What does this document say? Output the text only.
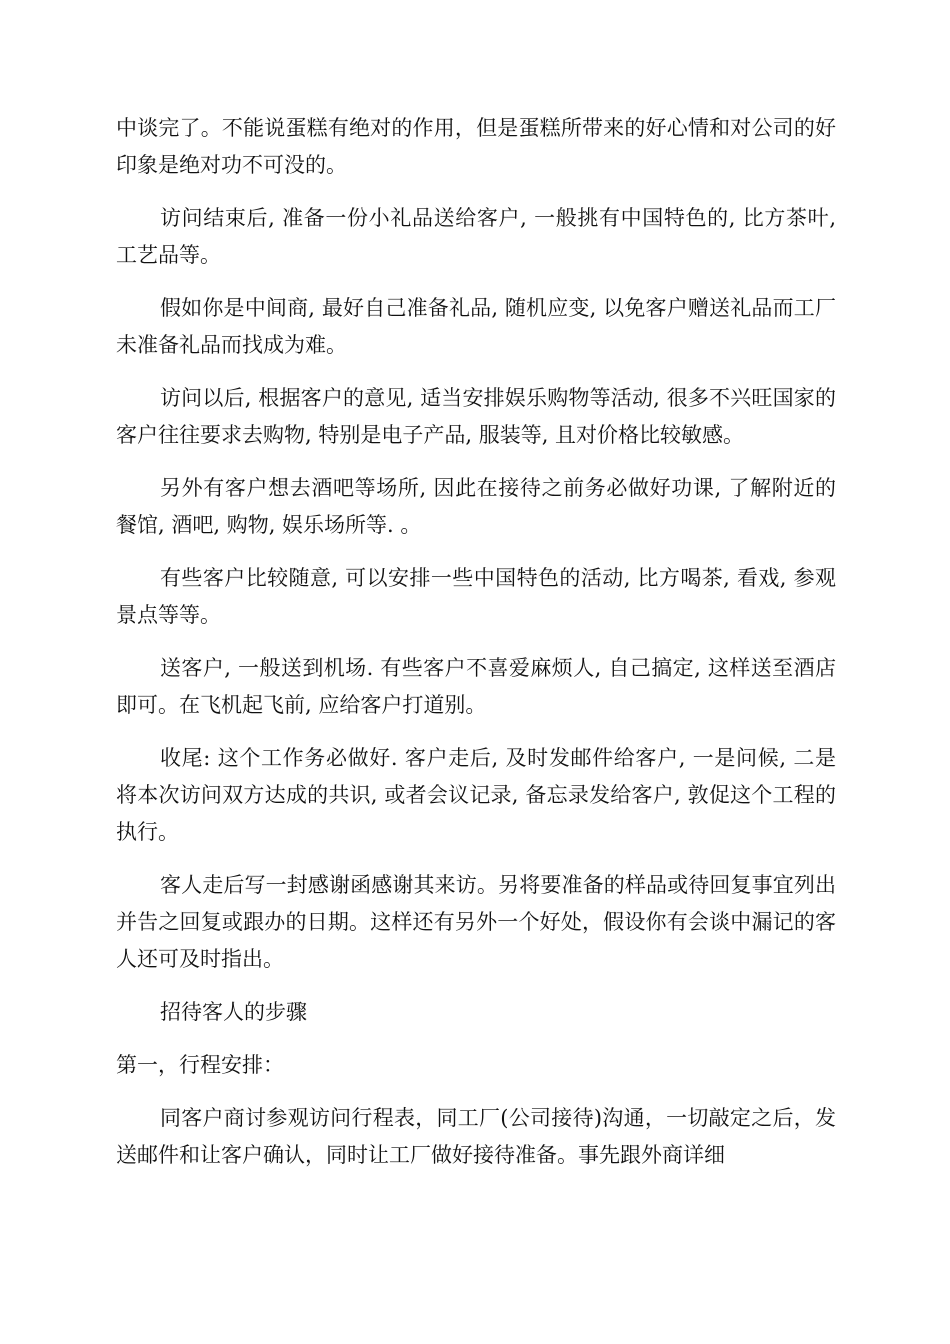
中谈完了。不能说蛋糕有绝对的作用，但是蛋糕所带来的好心情和对公司的好印象是绝对功不可没的。

访问结束后, 准备一份小礼品送给客户, 一般挑有中国特色的, 比方茶叶, 工艺品等。

假如你是中间商, 最好自己准备礼品, 随机应变, 以免客户赠送礼品而工厂未准备礼品而找成为难。

访问以后, 根据客户的意见, 适当安排娱乐购物等活动, 很多不兴旺国家的客户往往要求去购物, 特别是电子产品, 服装等, 且对价格比较敏感。

另外有客户想去酒吧等场所, 因此在接待之前务必做好功课, 了解附近的餐馆, 酒吧, 购物, 娱乐场所等. 。

有些客户比较随意, 可以安排一些中国特色的活动, 比方喝茶, 看戏, 参观景点等等。

送客户, 一般送到机场. 有些客户不喜爱麻烦人, 自己搞定, 这样送至酒店即可。在飞机起飞前, 应给客户打道别。

收尾: 这个工作务必做好. 客户走后, 及时发邮件给客户, 一是问候, 二是将本次访问双方达成的共识, 或者会议记录, 备忘录发给客户, 敦促这个工程的执行。

客人走后写一封感谢函感谢其来访。另将要准备的样品或待回复事宜列出并告之回复或跟办的日期。这样还有另外一个好处，假设你有会谈中漏记的客人还可及时指出。

招待客人的步骤

第一，行程安排：

同客户商讨参观访问行程表，同工厂(公司接待)沟通，一切敲定之后，发送邮件和让客户确认，同时让工厂做好接待准备。事先跟外商详细
